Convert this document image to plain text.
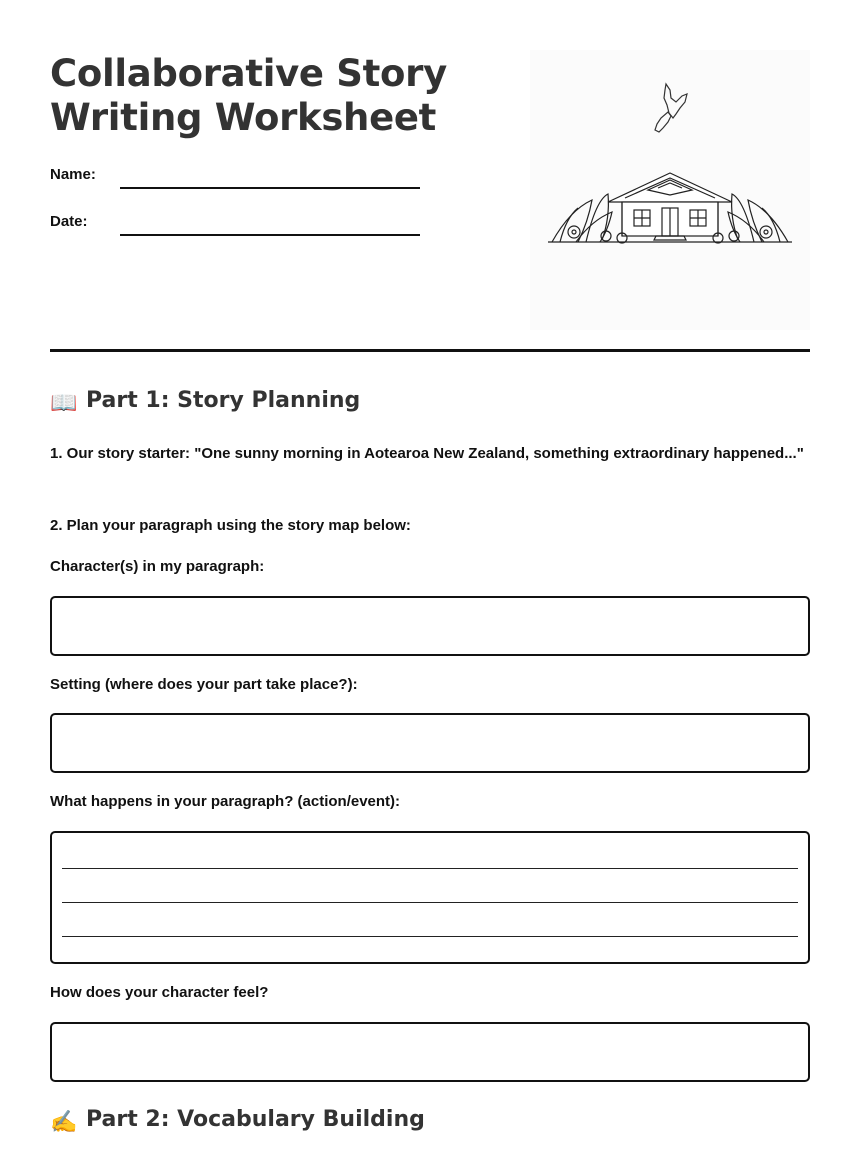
Collaborative Story
Writing Worksheet
Name:
Date:
📖 Part 1: Story Planning

1. Our story starter: "One sunny morning in Aotearoa New Zealand, something extraordinary happened..."

2. Plan your paragraph using the story map below:

Character(s) in my paragraph:

Setting (where does your part take place?):

What happens in your paragraph? (action/event):

How does your character feel?

✍️ Part 2: Vocabulary Building
